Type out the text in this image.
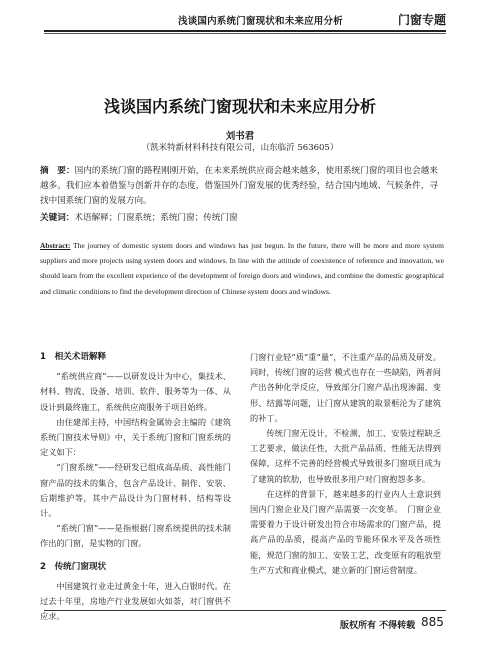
浅谈国内系统门窗现状和未来应用分析	门窗专题
浅谈国内系统门窗现状和未来应用分析
刘书君
（凯米特新材料科技有限公司，山东临沂 563605）
摘　要：国内的系统门窗的路程刚刚开始，在未来系统供应商会越来越多，使用系统门窗的项目也会越来越多。我们应本着借鉴与创新并存的态度，借鉴国外门窗发展的优秀经验，结合国内地域、气候条件，寻找中国系统门窗的发展方向。
关键词：术语解释；门窗系统；系统门窗；传统门窗
Abstract: The journey of domestic system doors and windows has just begun. In the future, there will be more and more system suppliers and more projects using system doors and windows. In line with the attitude of coexistence of reference and innovation, we should learn from the excellent experience of the development of foreign doors and windows, and combine the domestic geographical and climatic conditions to find the development direction of Chinese system doors and windows.
1　相关术语解释

“系统供应商”——以研发设计为中心，集技术、材料、物流、设备、培训、软件、服务等为一体、从设计到最终施工，系统供应商服务于项目始终。

由住建部主持，中国结构金属协会主编的《建筑系统门窗技术导则》中，关于系统门窗和门窗系统的定义如下：

“门窗系统”——经研发已组成高品质、高性能门窗产品的技术的集合，包含产品设计、制作、安装、后期维护等，其中产品设计为门窗材料、结构等设计。

“系统门窗”——是指根据门窗系统提供的技术制作出的门窗，是实物的门窗。

2　传统门窗现状

中国建筑行业走过黄金十年，进入白银时代。在过去十年里，房地产行业发展如火如荼，对门窗供不应求。

门窗行业轻“质”重“量”，不注重产品的品质及研发。同时，传统门窗的运营 模式也存在一些缺陷，两者间产出各种化学反应，导致部分门窗产品出现渗漏、变形、结露等问题，让门窗从建筑的取景框沦为了建筑的补丁。

传统门窗无设计，不检测，加工、安装过程缺乏工艺要求，做法任性，大批产品品质、性能无法得到保障，这样不完善的经营模式导致很多门窗项目成为了建筑的软肋，也导致很多用户对门窗抱怨多多。

在这样的背景下，越来越多的行业内人士意识到国内门窗企业及门窗产品需要一次变革。　门窗企业需要着力于设计研发出符合市场需求的门窗产品，提高产品的品质，提高产品的节能环保水平及各项性能，规范门窗的加工、安装工艺，改变原有的粗放型生产方式和商业模式，建立新的门窗运营制度。

版权所有 不得转载 885
